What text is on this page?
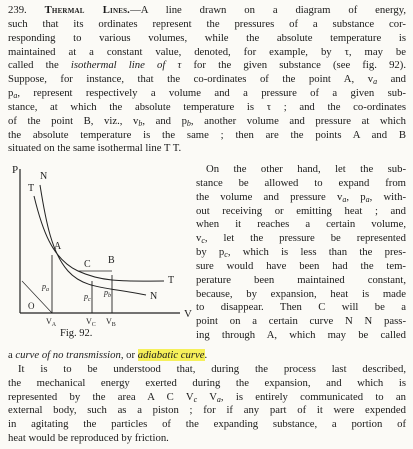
239. Thermal Lines.—A line drawn on a diagram of energy,
such that its ordinates represent the pressures of a substance cor-
responding to various volumes, while the absolute temperature is
maintained at a constant value, denoted, for example, by τ, may be
called the isothermal line of τ for the given substance (see fig. 92).
Suppose, for instance, that the co-ordinates of the point A, $v_a$ and
$p_a$, represent respectively a volume and a pressure of a given sub-
stance, at which the absolute temperature is τ ; and the co-ordinates
of the point B, viz., $v_b$, and $p_b$, another volume and pressure at which
the absolute temperature is the same ; then are the points A and B
situated on the same isothermal line T T.
P
T
N
A
C B
T
N
O
V
$p_a$
$p_c$
$p_b$
$V_A$	$V_C$ $V_B$
Fig. 92.
On the other hand, let the sub-
stance be allowed to expand from
the volume and pressure $v_a$, $p_a$, with-
out receiving or emitting heat ; and
when it reaches a certain volume,
$v_c$, let the pressure be represented
by $p_c$, which is less than the pres-
sure would have been had the tem-
perature been maintained constant,
because, by expansion, heat is made
to disappear. Then C will be a
point on a certain curve N N pass-
ing through A, which may be called
a curve of no transmission, or adiabatic curve.
It is to be understood that, during the process last described,
the mechanical energy exerted during the expansion, and which is
represented by the area A C $V_c$ $V_a$, is entirely communicated to an
external body, such as a piston ; for if any part of it were expended
in agitating the particles of the expanding substance, a portion of
heat would be reproduced by friction.
